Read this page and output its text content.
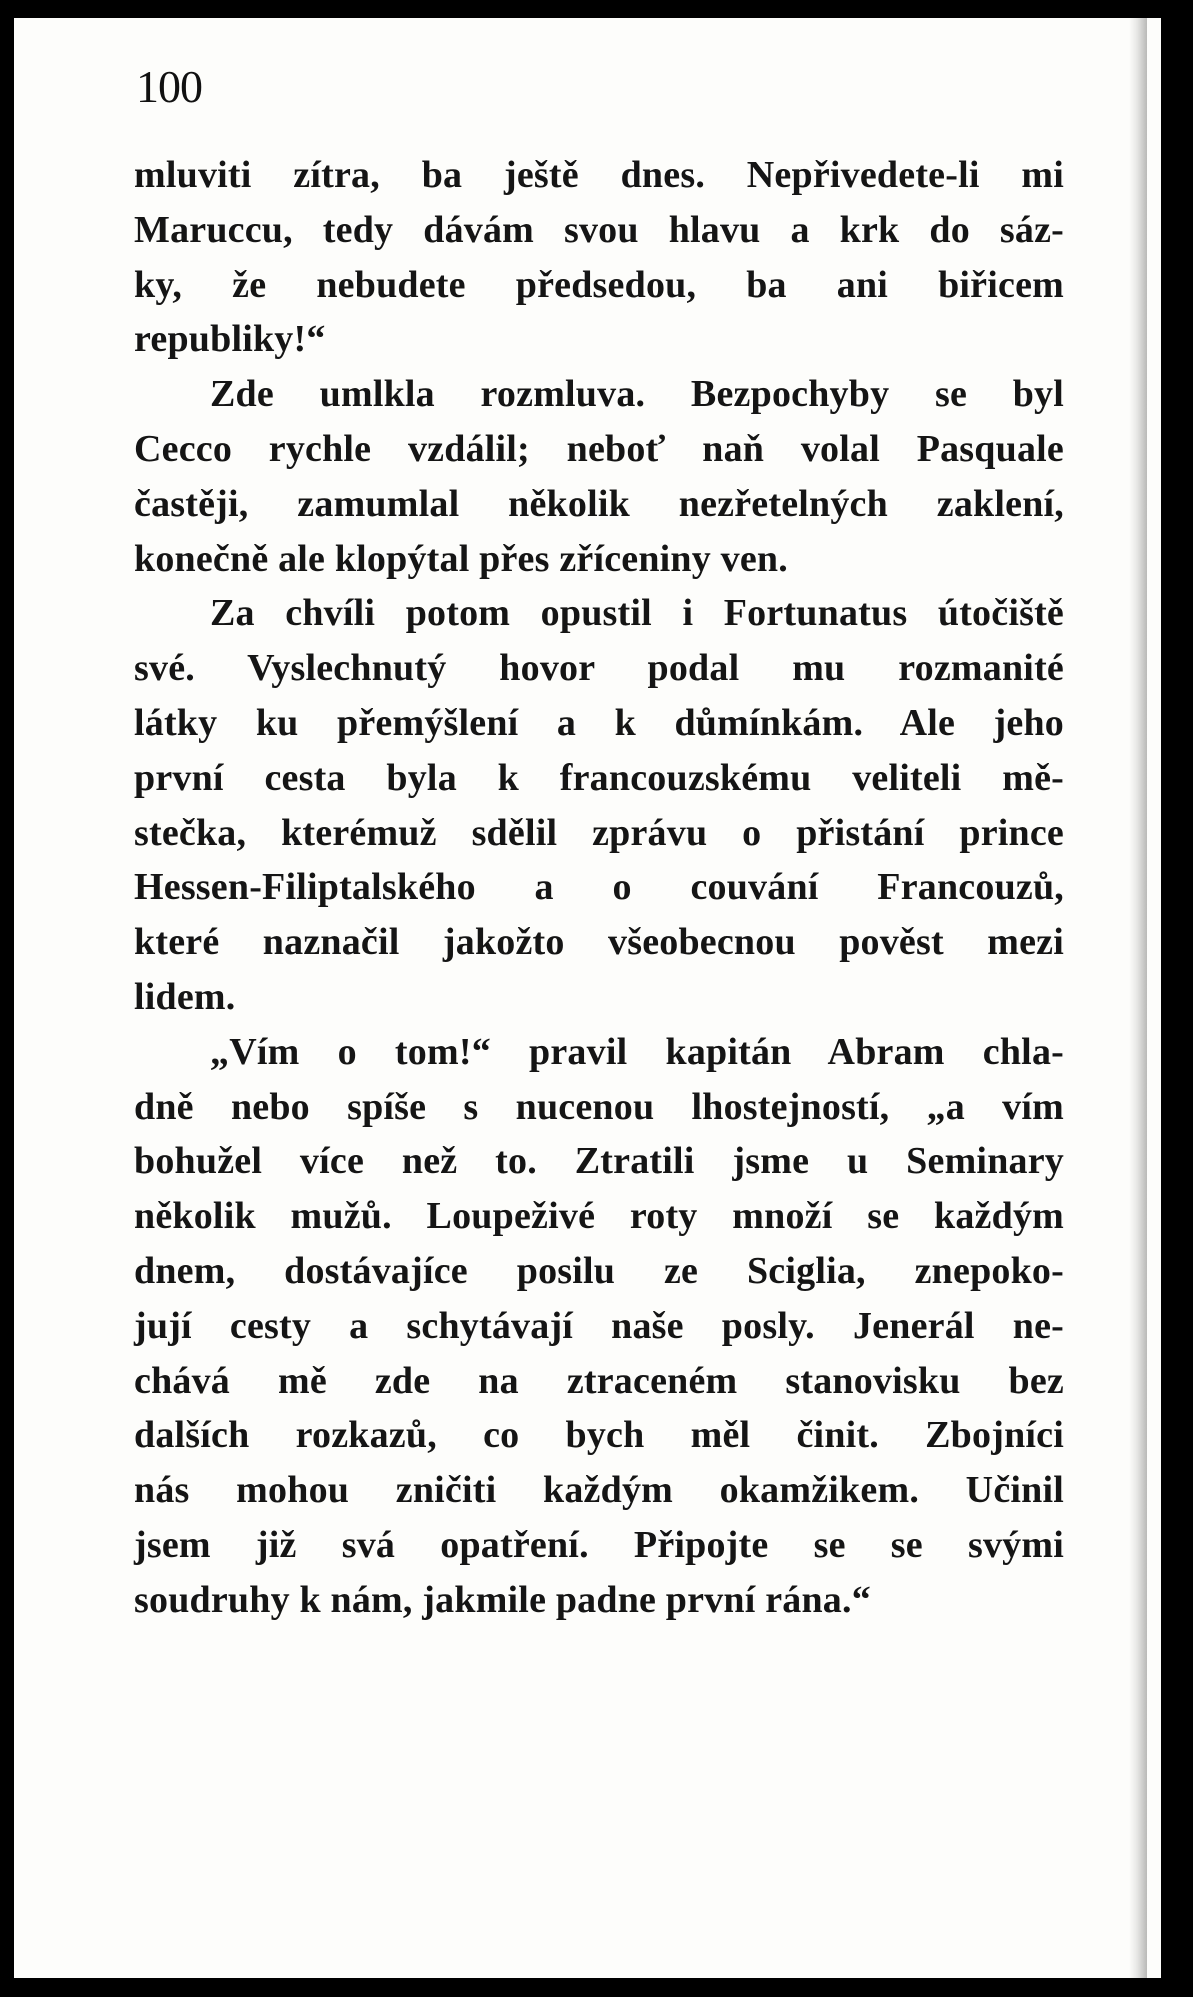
100
mluviti zítra, ba ještě dnes. Nepřivedete-li mi
Maruccu, tedy dávám svou hlavu a krk do sáz-
ky, že nebudete předsedou, ba ani biřicem
republiky!“
Zde umlkla rozmluva. Bezpochyby se byl
Cecco rychle vzdálil; neboť naň volal Pasquale
častěji, zamumlal několik nezřetelných zaklení,
konečně ale klopýtal přes zříceniny ven.
Za chvíli potom opustil i Fortunatus útočiště
své. Vyslechnutý hovor podal mu rozmanité
látky ku přemýšlení a k důmínkám. Ale jeho
první cesta byla k francouzskému veliteli mě-
stečka, kterémuž sdělil zprávu o přistání prince
Hessen-Filiptalského a o couvání Francouzů,
které naznačil jakožto všeobecnou pověst mezi
lidem.
„Vím o tom!“ pravil kapitán Abram chla-
dně nebo spíše s nucenou lhostejností, „a vím
bohužel více než to. Ztratili jsme u Seminary
několik mužů. Loupeživé roty množí se každým
dnem, dostávajíce posilu ze Sciglia, znepoko-
jují cesty a schytávají naše posly. Jenerál ne-
chává mě zde na ztraceném stanovisku bez
dalších rozkazů, co bych měl činit. Zbojníci
nás mohou zničiti každým okamžikem. Učinil
jsem již svá opatření. Připojte se se svými
soudruhy k nám, jakmile padne první rána.“
